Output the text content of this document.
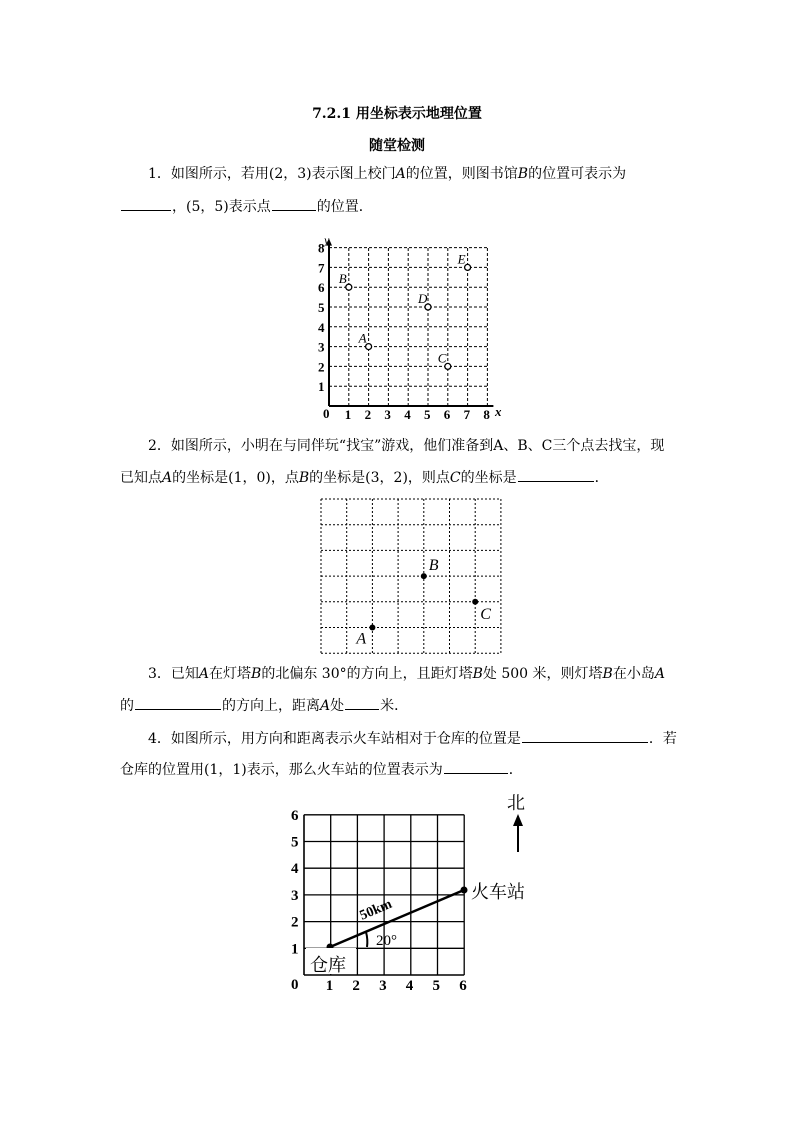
7.2.1 用坐标表示地理位置
随堂检测
1．如图所示，若用(2，3)表示图上校门A的位置，则图书馆B的位置可表示为
，(5，5)表示点	的位置．
1
1
2
2
3
3
4
4
5
5
6
6
7
7
8
8
A
B
C
D
E
y
x
0
A
B
C
1
1
2
2
3
3
4
4
5
5
6
6
0
20°
50km
火车站
仓库
北
2．如图所示，小明在与同伴玩“找宝”游戏，他们准备到A、B、C三个点去找宝，现
已知点A的坐标是(1，0)，点B的坐标是(3，2)，则点C的坐标是	．
3．已知A在灯塔B的北偏东 30°的方向上，且距灯塔B处 500 米，则灯塔B在小岛A
的	的方向上，距离A处	米．
4．如图所示，用方向和距离表示火车站相对于仓库的位置是	．若
仓库的位置用(1，1)表示，那么火车站的位置表示为	．
